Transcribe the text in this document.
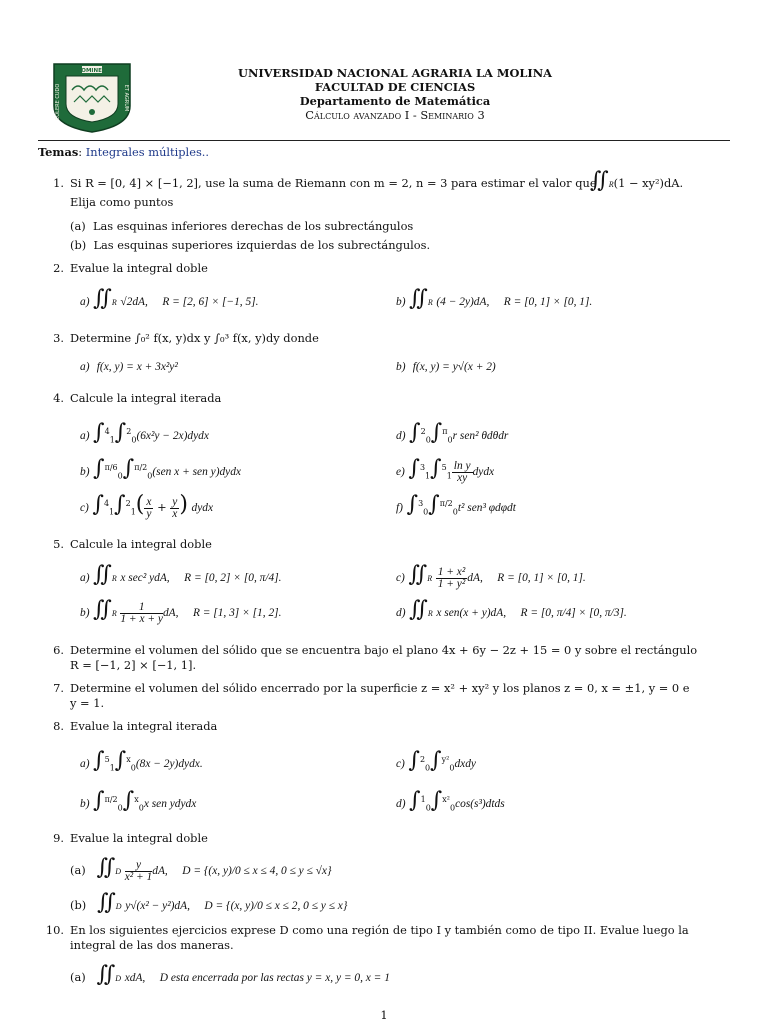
HOMINEM
COLERE CUDO	ET AGRUM
UNIVERSIDAD NACIONAL AGRARIA LA MOLINA
FACULTAD DE CIENCIAS
Departamento de Matemática
Cálculo avanzado I - Seminario 3
Temas: Integrales múltiples..
1. Si R = [0, 4] × [−1, 2], use la suma de Riemann con m = 2, n = 3 para estimar el valor que
∬R(1 − xy²)dA.
Elija como puntos
(a) Las esquinas inferiores derechas de los subrectángulos
(b) Las esquinas superiores izquierdas de los subrectángulos.
2. Evalue la integral doble
a) ∬R √2dA, R = [2, 6] × [−1, 5].	b) ∬R (4 − 2y)dA, R = [0, 1] × [0, 1].
3. Determine ∫₀² f(x, y)dx y ∫₀³ f(x, y)dy donde
a) f(x, y) = x + 3x²y²	b) f(x, y) = y√(x + 2)
4. Calcule la integral iterada
a) ∫$^4_1$∫$^2_0$(6x²y − 2x)dydx
b) ∫$^{\pi/6}_0$∫$^{\pi/2}_0$(sen x + sen y)dydx
c) $\int^4_1\int^2_1( \frac{x}{y} + \frac{y}{x}$ ) dydx
d) ∫$^2_0$∫$^\pi_0$r sen² θdθdr
e) $\int^3_1\int^5_1 \frac{\text{ln y}}{xy}$ dydx
f) ∫$^3_0$∫$^{\pi/2}_0$t² sen³ φdφdt
5. Calcule la integral doble
a) ∬R x sec² ydA, R = [0, 2] × [0, π/4].
b) ∬R $\frac{1}{1 + x + y}$ dA, R = [1, 3] × [1, 2].
c) ∬R $\frac{\text{1 + x²}}{\text{1 + y²}}$ dA, R = [0, 1] × [0, 1].
d) ∬R x sen(x + y)dA, R = [0, π/4] × [0, π/3].
6. Determine el volumen del sólido que se encuentra bajo el plano 4x + 6y − 2z + 15 = 0 y sobre el rectángulo
R = [−1, 2] × [−1, 1].
7. Determine el volumen del sólido encerrado por la superficie z = x² + xy² y los planos z = 0, x = ±1, y = 0 e
y = 1.
8. Evalue la integral iterada
a) ∫$^5_1$∫$^x_0$(8x − 2y)dydx.
b) ∫$^{\pi/2}_0$∫$^x_0$x sen ydydx
c) ∫$^2_0$∫$^{y^2}_0$dxdy
d) ∫$^1_0$∫$^{x^2}_0$cos(s³)dtds
9. Evalue la integral doble
(a) ∬D $\frac{y}{\text{x² + 1}}$ dA, D = {(x, y)/0 ≤ x ≤ 4, 0 ≤ y ≤ √x}
(b) ∬D y√(x² − y²)dA, D = {(x, y)/0 ≤ x ≤ 2, 0 ≤ y ≤ x}
10. En los siguientes ejercicios exprese D como una región de tipo I y también como de tipo II. Evalue luego la
integral de las dos maneras.
(a) ∬D xdA, D esta encerrada por las rectas y = x, y = 0, x = 1
1
